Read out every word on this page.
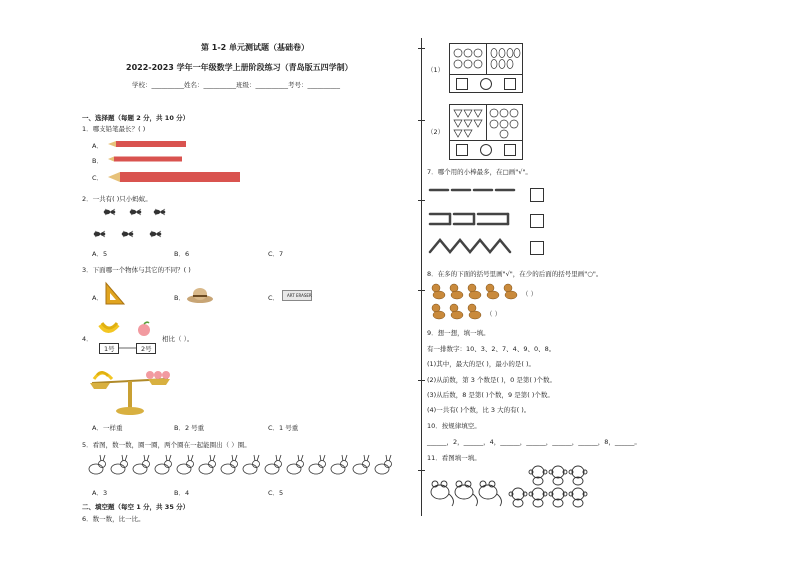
第 1-2 单元测试题（基础卷）
2022-2023 学年一年级数学上册阶段练习（青岛版五四学制）
学校：__________姓名：__________班级：__________考号：__________
一、选择题（每题 2 分，共 10 分）
1．哪支铅笔最长？( )
A．
B．
C．
2．一共有( )只小蚂蚁。
A．5	B．6	C．7
3．下面哪一个物体与其它的不同？( )
A．	B．	C． ART ERASER
4．
1号	2号
相比（ ）。
A．一样重	B．2 号重	C．1 号重
5．看图，数一数，圈一圈，两个圈在一起能圈出（ ）圈。
A．3	B．4	C．5
二、填空题（每空 1 分，共 35 分）
6．数一数，比一比。
（1）
（2）
7．哪个用的小棒最多，在□画"√"。
8．在多的下面的括号里画"√"，在少的后面的括号里画"○"。
（ ）
（ ）
9．想一想，填一填。
有一排数字：10、3、2、7、4、9、0、8。
(1)其中，最大的是( )，最小的是( )。
(2)从前数，第 3 个数是( )，0 是第( )个数。
(3)从后数，8 是第( )个数，9 是第( )个数。
(4)一共有( )个数，比 3 大的有( )。
10．按规律填空。
______，2，______，4，______，______，______，______，8，______。
11．看图填一填。
